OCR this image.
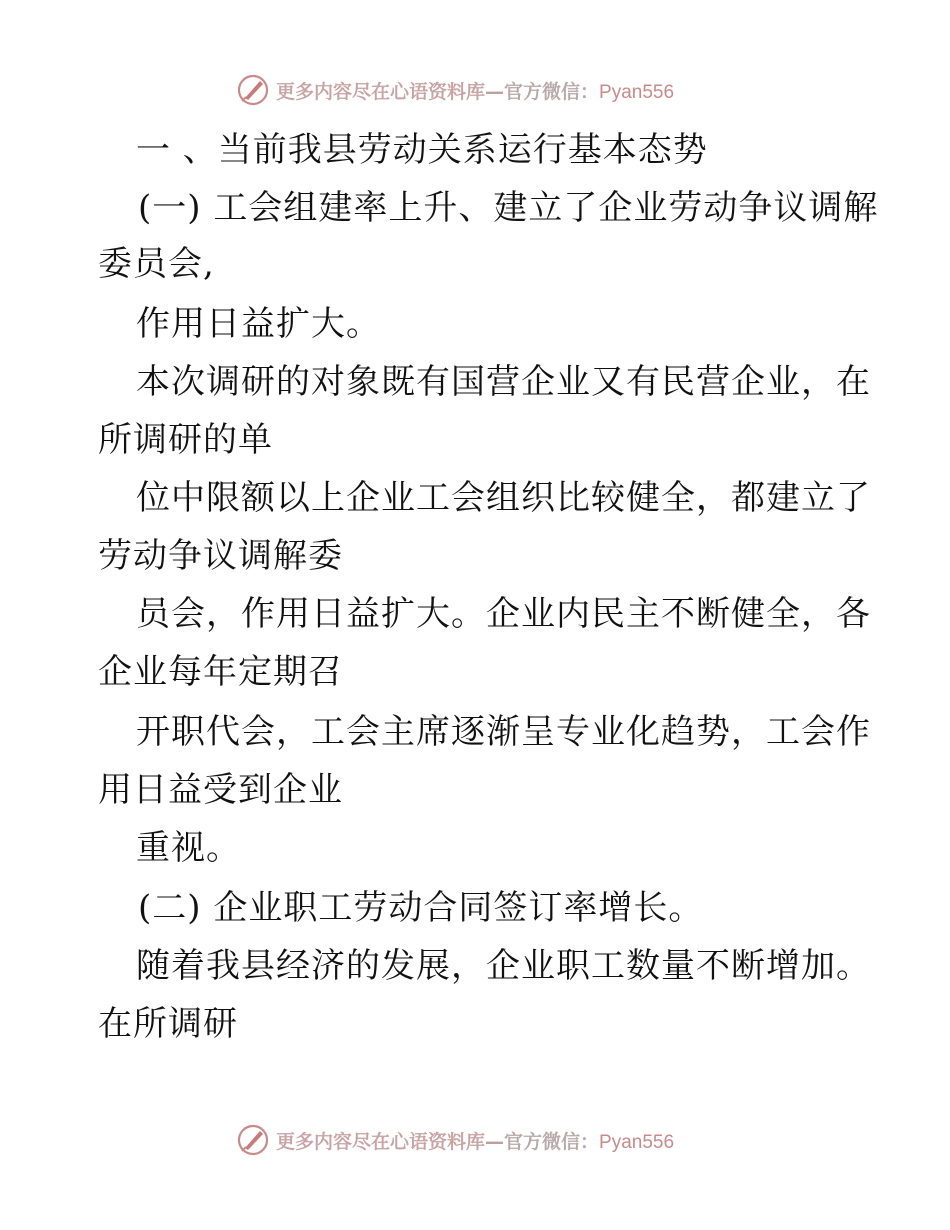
更多内容尽在心语资料库—官方微信：Pyan556
一 、当前我县劳动关系运行基本态势
(一) 工会组建率上升、建立了企业劳动争议调解
委员会,
作用日益扩大。
本次调研的对象既有国营企业又有民营企业，在
所调研的单
位中限额以上企业工会组织比较健全，都建立了
劳动争议调解委
员会，作用日益扩大。企业内民主不断健全，各
企业每年定期召
开职代会，工会主席逐渐呈专业化趋势，工会作
用日益受到企业
重视。
(二) 企业职工劳动合同签订率增长。
随着我县经济的发展，企业职工数量不断增加。
在所调研
更多内容尽在心语资料库—官方微信：Pyan556
